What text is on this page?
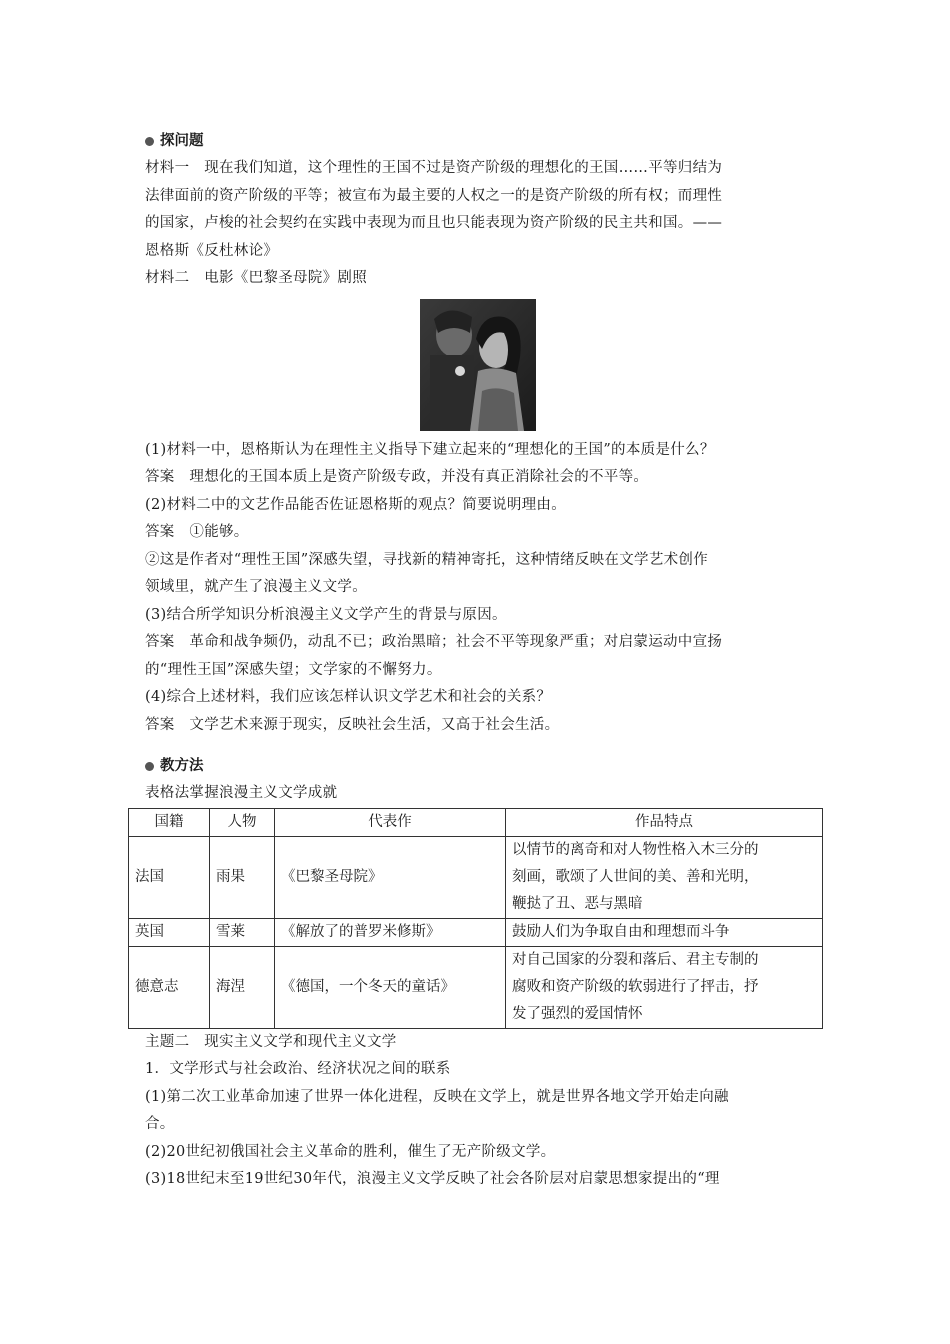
探问题
材料一　现在我们知道，这个理性的王国不过是资产阶级的理想化的王国……平等归结为
法律面前的资产阶级的平等；被宣布为最主要的人权之一的是资产阶级的所有权；而理性
的国家，卢梭的社会契约在实践中表现为而且也只能表现为资产阶级的民主共和国。——
恩格斯《反杜林论》
材料二　电影《巴黎圣母院》剧照
(1)材料一中，恩格斯认为在理性主义指导下建立起来的“理想化的王国”的本质是什么？
答案　理想化的王国本质上是资产阶级专政，并没有真正消除社会的不平等。
(2)材料二中的文艺作品能否佐证恩格斯的观点？简要说明理由。
答案　①能够。
②这是作者对“理性王国”深感失望，寻找新的精神寄托，这种情绪反映在文学艺术创作
领域里，就产生了浪漫主义文学。
(3)结合所学知识分析浪漫主义文学产生的背景与原因。
答案　革命和战争频仍，动乱不已；政治黑暗；社会不平等现象严重；对启蒙运动中宣扬
的“理性王国”深感失望；文学家的不懈努力。
(4)综合上述材料，我们应该怎样认识文学艺术和社会的关系？
答案　文学艺术来源于现实，反映社会生活，又高于社会生活。
教方法
表格法掌握浪漫主义文学成就
国籍	人物	代表作	作品特点
法国	雨果	《巴黎圣母院》	以情节的离奇和对人物性格入木三分的
刻画，歌颂了人世间的美、善和光明，
鞭挞了丑、恶与黑暗

英国	雪莱	《解放了的普罗米修斯》	鼓励人们为争取自由和理想而斗争

德意志	海涅	《德国，一个冬天的童话》	对自己国家的分裂和落后、君主专制的
腐败和资产阶级的软弱进行了抨击，抒
发了强烈的爱国情怀
主题二　现实主义文学和现代主义文学
1．文学形式与社会政治、经济状况之间的联系
(1)第二次工业革命加速了世界一体化进程，反映在文学上，就是世界各地文学开始走向融
合。
(2)20世纪初俄国社会主义革命的胜利，催生了无产阶级文学。
(3)18世纪末至19世纪30年代，浪漫主义文学反映了社会各阶层对启蒙思想家提出的“理
